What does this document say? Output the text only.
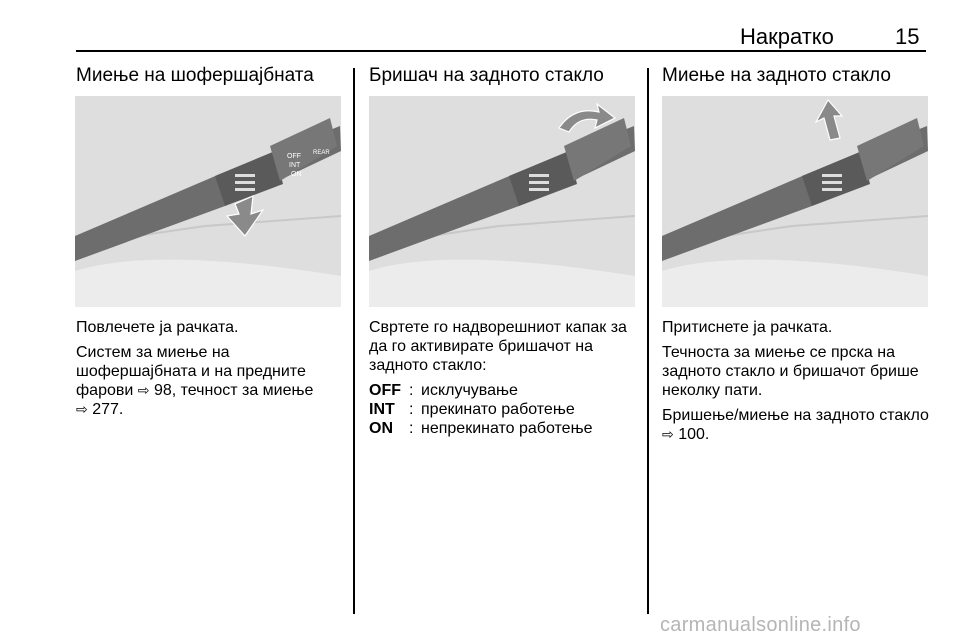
Накратко	15
Миење на шофершајбната
OFF
INT
ON
REAR

Повлечете ја рачката.

Систем за миење на шофершајбната и на предните фарови ⇨ 98, течност за миење
⇨ 277.

Бришач на задното стакло

Свртете го надворешниот капак за да го активирате бришачот на задното стакло:

OFF : исклучување
INT : прекинато работење
ON	: непрекинато работење
Миење на задното стакло

Притиснете ја рачката.

Течноста за миење се прска на задното стакло и бришачот брише неколку пати.

Бришење/миење на задното стакло
⇨ 100.

carmanualsonline.info
